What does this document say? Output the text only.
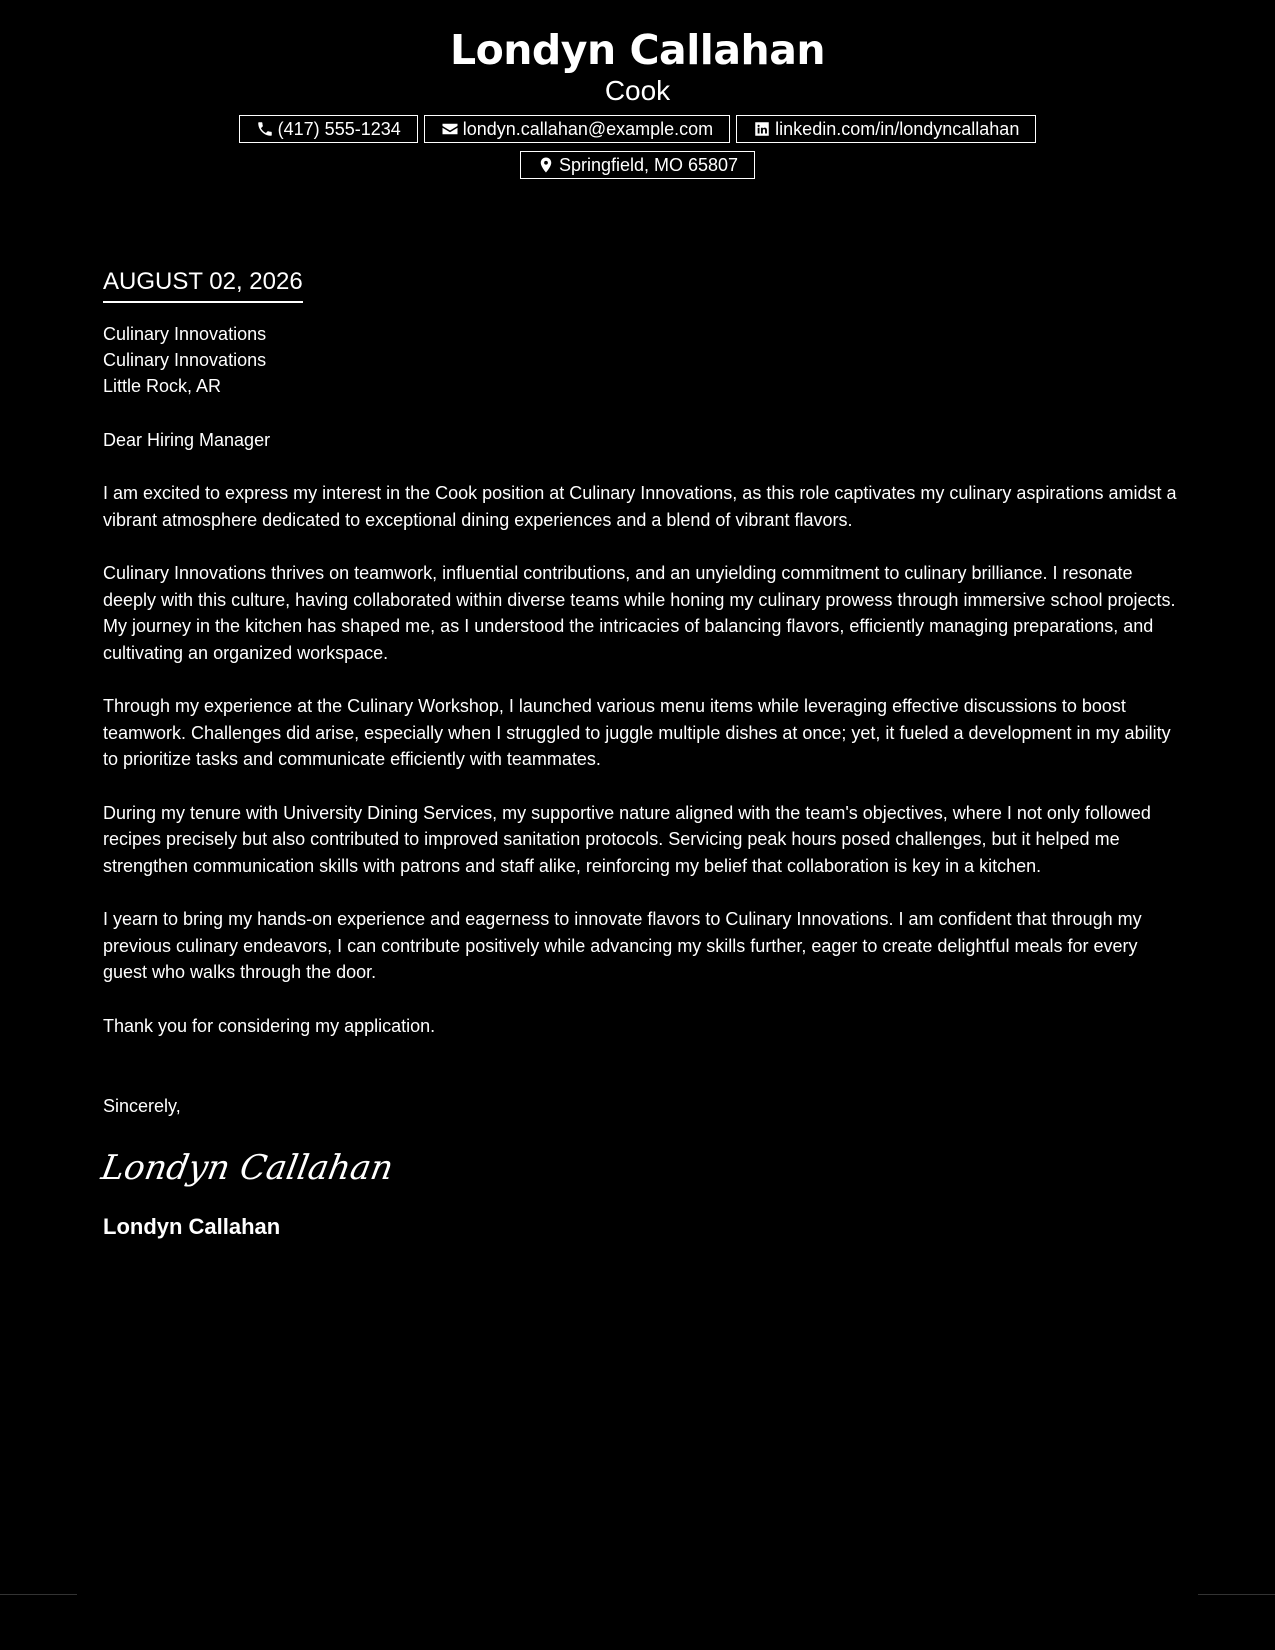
Londyn Callahan
Cook
(417) 555-1234	londyn.callahan@example.com	linkedin.com/in/londyncallahan
Springfield, MO 65807
AUGUST 02, 2026
Culinary Innovations
Culinary Innovations
Little Rock, AR
Dear Hiring Manager
I am excited to express my interest in the Cook position at Culinary Innovations, as this role captivates my culinary aspirations amidst a vibrant atmosphere dedicated to exceptional dining experiences and a blend of vibrant flavors.
Culinary Innovations thrives on teamwork, influential contributions, and an unyielding commitment to culinary brilliance. I resonate deeply with this culture, having collaborated within diverse teams while honing my culinary prowess through immersive school projects. My journey in the kitchen has shaped me, as I understood the intricacies of balancing flavors, efficiently managing preparations, and cultivating an organized workspace.
Through my experience at the Culinary Workshop, I launched various menu items while leveraging effective discussions to boost teamwork. Challenges did arise, especially when I struggled to juggle multiple dishes at once; yet, it fueled a development in my ability to prioritize tasks and communicate efficiently with teammates.
During my tenure with University Dining Services, my supportive nature aligned with the team's objectives, where I not only followed recipes precisely but also contributed to improved sanitation protocols. Servicing peak hours posed challenges, but it helped me strengthen communication skills with patrons and staff alike, reinforcing my belief that collaboration is key in a kitchen.
I yearn to bring my hands-on experience and eagerness to innovate flavors to Culinary Innovations. I am confident that through my previous culinary endeavors, I can contribute positively while advancing my skills further, eager to create delightful meals for every guest who walks through the door.
Thank you for considering my application.
Sincerely,
Londyn Callahan
Londyn Callahan
